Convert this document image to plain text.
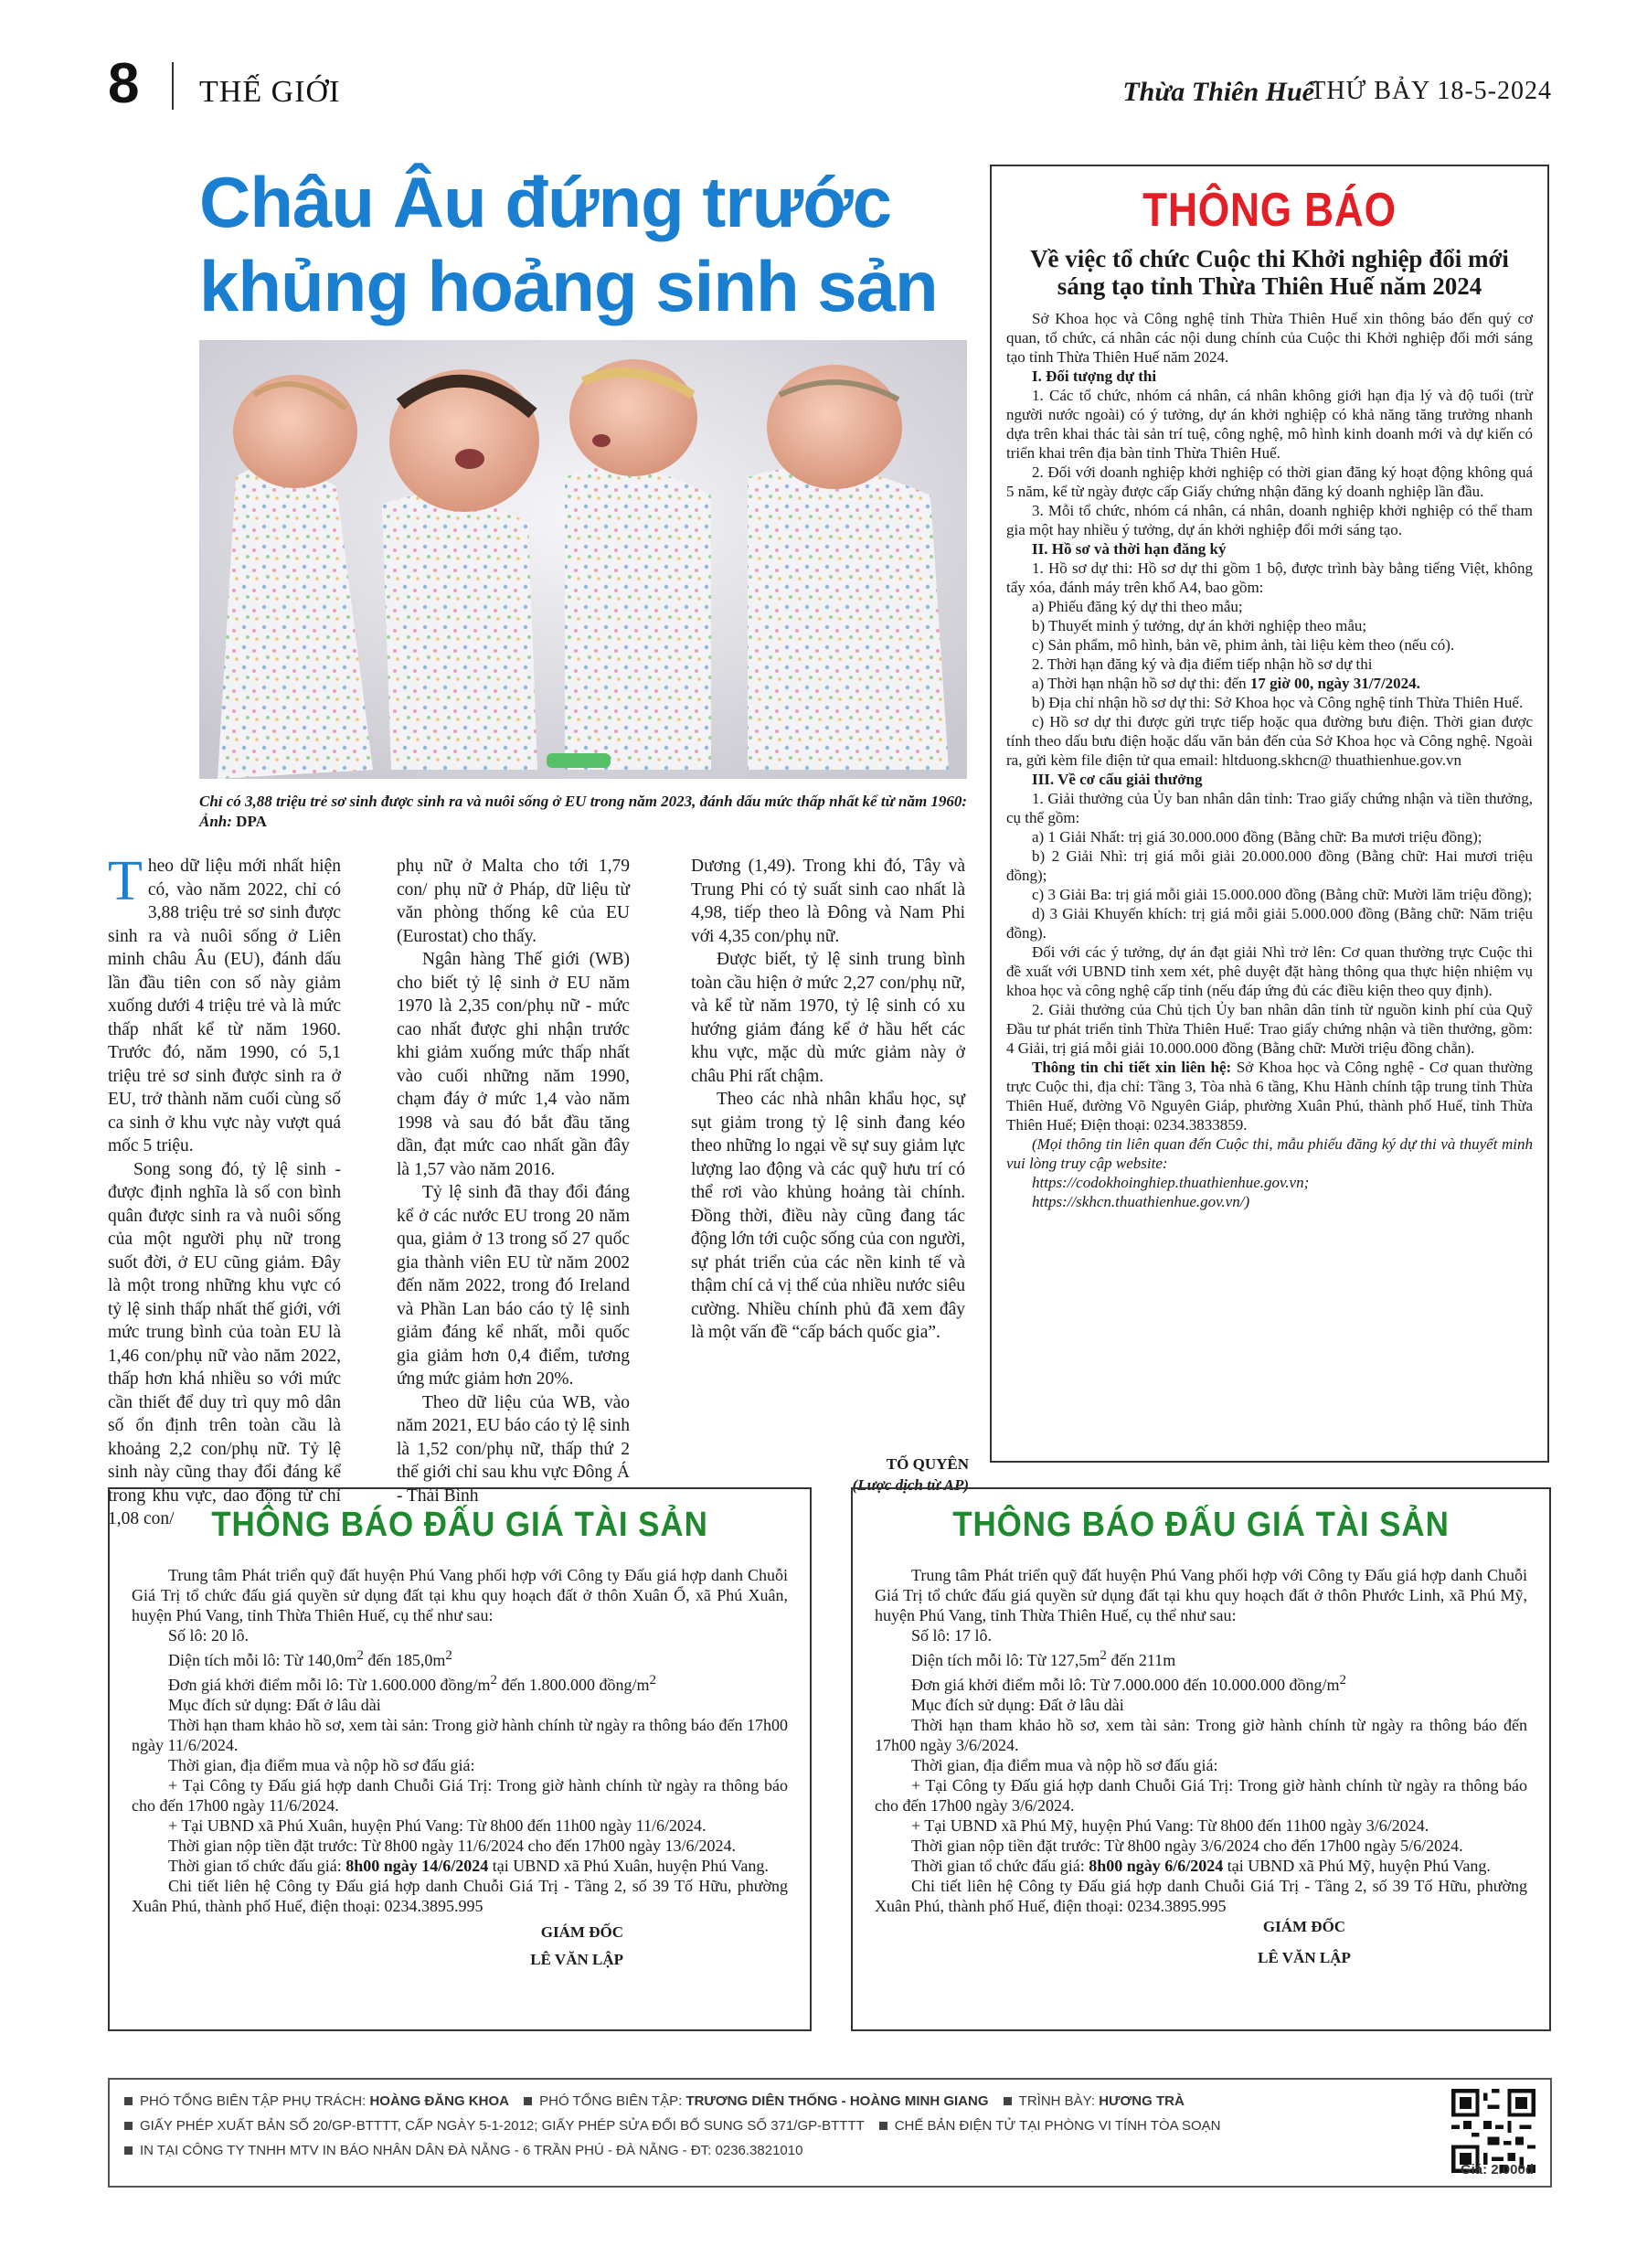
8 THẾ GIỚI	Thừa Thiên Huế
THỨ BẢY 18-5-2024
Châu Âu đứng trước
khủng hoảng sinh sản
Chỉ có 3,88 triệu trẻ sơ sinh được sinh ra và nuôi sống ở EU trong năm 2023, đánh dấu mức thấp nhất kể từ năm 1960: Ảnh: DPA

Theo dữ liệu mới nhất hiện có, vào năm 2022, chỉ có 3,88 triệu trẻ sơ sinh được sinh ra và nuôi sống ở Liên minh châu Âu (EU), đánh dấu lần đầu tiên con số này giảm xuống dưới 4 triệu trẻ và là mức thấp nhất kể từ năm 1960. Trước đó, năm 1990, có 5,1 triệu trẻ sơ sinh được sinh ra ở EU, trở thành năm cuối cùng số ca sinh ở khu vực này vượt quá mốc 5 triệu.

Song song đó, tỷ lệ sinh - được định nghĩa là số con bình quân được sinh ra và nuôi sống của một người phụ nữ trong suốt đời, ở EU cũng giảm. Đây là một trong những khu vực có tỷ lệ sinh thấp nhất thế giới, với mức trung bình của toàn EU là 1,46 con/phụ nữ vào năm 2022, thấp hơn khá nhiều so với mức cần thiết để duy trì quy mô dân số ổn định trên toàn cầu là khoảng 2,2 con/phụ nữ. Tỷ lệ sinh này cũng thay đổi đáng kể trong khu vực, dao động từ chỉ 1,08 con/

phụ nữ ở Malta cho tới 1,79 con/ phụ nữ ở Pháp, dữ liệu từ văn phòng thống kê của EU (Eurostat) cho thấy.

Ngân hàng Thế giới (WB) cho biết tỷ lệ sinh ở EU năm 1970 là 2,35 con/phụ nữ - mức cao nhất được ghi nhận trước khi giảm xuống mức thấp nhất vào cuối những năm 1990, chạm đáy ở mức 1,4 vào năm 1998 và sau đó bắt đầu tăng dần, đạt mức cao nhất gần đây là 1,57 vào năm 2016.

Tỷ lệ sinh đã thay đổi đáng kể ở các nước EU trong 20 năm qua, giảm ở 13 trong số 27 quốc gia thành viên EU từ năm 2002 đến năm 2022, trong đó Ireland và Phần Lan báo cáo tỷ lệ sinh giảm đáng kể nhất, mỗi quốc gia giảm hơn 0,4 điểm, tương ứng mức giảm hơn 20%.

Theo dữ liệu của WB, vào năm 2021, EU báo cáo tỷ lệ sinh là 1,52 con/phụ nữ, thấp thứ 2 thế giới chỉ sau khu vực Đông Á - Thái Bình

Dương (1,49). Trong khi đó, Tây và Trung Phi có tỷ suất sinh cao nhất là 4,98, tiếp theo là Đông và Nam Phi với 4,35 con/phụ nữ.

Được biết, tỷ lệ sinh trung bình toàn cầu hiện ở mức 2,27 con/phụ nữ, và kể từ năm 1970, tỷ lệ sinh có xu hướng giảm đáng kể ở hầu hết các khu vực, mặc dù mức giảm này ở châu Phi rất chậm.

Theo các nhà nhân khẩu học, sự sụt giảm trong tỷ lệ sinh đang kéo theo những lo ngại về sự suy giảm lực lượng lao động và các quỹ hưu trí có thể rơi vào khủng hoảng tài chính. Đồng thời, điều này cũng đang tác động lớn tới cuộc sống của con người, sự phát triển của các nền kinh tế và thậm chí cả vị thế của nhiều nước siêu cường. Nhiều chính phủ đã xem đây là một vấn đề “cấp bách quốc gia”.

TỐ QUYÊN
(Lược dịch từ AP)
THÔNG BÁO
Về việc tổ chức Cuộc thi Khởi nghiệp đổi mới sáng tạo tỉnh Thừa Thiên Huế năm 2024

Sở Khoa học và Công nghệ tỉnh Thừa Thiên Huế xin thông báo đến quý cơ quan, tổ chức, cá nhân các nội dung chính của Cuộc thi Khởi nghiệp đổi mới sáng tạo tỉnh Thừa Thiên Huế năm 2024.

I. Đối tượng dự thi

1. Các tổ chức, nhóm cá nhân, cá nhân không giới hạn địa lý và độ tuổi (trừ người nước ngoài) có ý tưởng, dự án khởi nghiệp có khả năng tăng trưởng nhanh dựa trên khai thác tài sản trí tuệ, công nghệ, mô hình kinh doanh mới và dự kiến có triển khai trên địa bàn tỉnh Thừa Thiên Huế.

2. Đối với doanh nghiệp khởi nghiệp có thời gian đăng ký hoạt động không quá 5 năm, kể từ ngày được cấp Giấy chứng nhận đăng ký doanh nghiệp lần đầu.

3. Mỗi tổ chức, nhóm cá nhân, cá nhân, doanh nghiệp khởi nghiệp có thể tham gia một hay nhiều ý tưởng, dự án khởi nghiệp đổi mới sáng tạo.

II. Hồ sơ và thời hạn đăng ký

1. Hồ sơ dự thi: Hồ sơ dự thi gồm 1 bộ, được trình bày bằng tiếng Việt, không tẩy xóa, đánh máy trên khổ A4, bao gồm:

a) Phiếu đăng ký dự thi theo mẫu;

b) Thuyết minh ý tưởng, dự án khởi nghiệp theo mẫu;

c) Sản phẩm, mô hình, bản vẽ, phim ảnh, tài liệu kèm theo (nếu có).

2. Thời hạn đăng ký và địa điểm tiếp nhận hồ sơ dự thi

a) Thời hạn nhận hồ sơ dự thi: đến 17 giờ 00, ngày 31/7/2024.

b) Địa chỉ nhận hồ sơ dự thi: Sở Khoa học và Công nghệ tỉnh Thừa Thiên Huế.

c) Hồ sơ dự thi được gửi trực tiếp hoặc qua đường bưu điện. Thời gian được tính theo dấu bưu điện hoặc dấu văn bản đến của Sở Khoa học và Công nghệ. Ngoài ra, gửi kèm file điện tử qua email: hltduong.skhcn@ thuathienhue.gov.vn

III. Về cơ cấu giải thưởng

1. Giải thưởng của Ủy ban nhân dân tỉnh: Trao giấy chứng nhận và tiền thưởng, cụ thể gồm:

a) 1 Giải Nhất: trị giá 30.000.000 đồng (Bằng chữ: Ba mươi triệu đồng);

b) 2 Giải Nhì: trị giá mỗi giải 20.000.000 đồng (Bằng chữ: Hai mươi triệu đồng);

c) 3 Giải Ba: trị giá mỗi giải 15.000.000 đồng (Bằng chữ: Mười lăm triệu đồng);

d) 3 Giải Khuyến khích: trị giá mỗi giải 5.000.000 đồng (Bằng chữ: Năm triệu đồng).

Đối với các ý tưởng, dự án đạt giải Nhì trở lên: Cơ quan thường trực Cuộc thi đề xuất với UBND tỉnh xem xét, phê duyệt đặt hàng thông qua thực hiện nhiệm vụ khoa học và công nghệ cấp tỉnh (nếu đáp ứng đủ các điều kiện theo quy định).

2. Giải thưởng của Chủ tịch Ủy ban nhân dân tỉnh từ nguồn kinh phí của Quỹ Đầu tư phát triển tỉnh Thừa Thiên Huế: Trao giấy chứng nhận và tiền thưởng, gồm: 4 Giải, trị giá mỗi giải 10.000.000 đồng (Bằng chữ: Mười triệu đồng chẵn).

Thông tin chi tiết xin liên hệ: Sở Khoa học và Công nghệ - Cơ quan thường trực Cuộc thi, địa chỉ: Tầng 3, Tòa nhà 6 tầng, Khu Hành chính tập trung tỉnh Thừa Thiên Huế, đường Võ Nguyên Giáp, phường Xuân Phú, thành phố Huế, tỉnh Thừa Thiên Huế; Điện thoại: 0234.3833859.

(Mọi thông tin liên quan đến Cuộc thi, mẫu phiếu đăng ký dự thi và thuyết minh vui lòng truy cập website:

https://codokhoinghiep.thuathienhue.gov.vn;

https://skhcn.thuathienhue.gov.vn/)

THÔNG BÁO ĐẤU GIÁ TÀI SẢN

Trung tâm Phát triển quỹ đất huyện Phú Vang phối hợp với Công ty Đấu giá hợp danh Chuỗi Giá Trị tổ chức đấu giá quyền sử dụng đất tại khu quy hoạch đất ở thôn Xuân Ổ, xã Phú Xuân, huyện Phú Vang, tỉnh Thừa Thiên Huế, cụ thể như sau:

Số lô: 20 lô.

Diện tích mỗi lô: Từ $140,0m^2$ đến $185,0m^2$

Đơn giá khởi điểm mỗi lô: Từ 1.600.000 đồng/$m^2$ đến 1.800.000 đồng/$m^2$

Mục đích sử dụng: Đất ở lâu dài

Thời hạn tham khảo hồ sơ, xem tài sản: Trong giờ hành chính từ ngày ra thông báo đến 17h00 ngày 11/6/2024.

Thời gian, địa điểm mua và nộp hồ sơ đấu giá:

+ Tại Công ty Đấu giá hợp danh Chuỗi Giá Trị: Trong giờ hành chính từ ngày ra thông báo cho đến 17h00 ngày 11/6/2024.

+ Tại UBND xã Phú Xuân, huyện Phú Vang: Từ 8h00 đến 11h00 ngày 11/6/2024.

Thời gian nộp tiền đặt trước: Từ 8h00 ngày 11/6/2024 cho đến 17h00 ngày 13/6/2024.

Thời gian tổ chức đấu giá: 8h00 ngày 14/6/2024 tại UBND xã Phú Xuân, huyện Phú Vang.

Chi tiết liên hệ Công ty Đấu giá hợp danh Chuỗi Giá Trị - Tầng 2, số 39 Tố Hữu, phường Xuân Phú, thành phố Huế, điện thoại: 0234.3895.995

GIÁM ĐỐC
LÊ VĂN LẬP
THÔNG BÁO ĐẤU GIÁ TÀI SẢN

Trung tâm Phát triển quỹ đất huyện Phú Vang phối hợp với Công ty Đấu giá hợp danh Chuỗi Giá Trị tổ chức đấu giá quyền sử dụng đất tại khu quy hoạch đất ở thôn Phước Linh, xã Phú Mỹ, huyện Phú Vang, tỉnh Thừa Thiên Huế, cụ thể như sau:

Số lô: 17 lô.

Diện tích mỗi lô: Từ $127,5m^2$ đến 211m

Đơn giá khởi điểm mỗi lô: Từ 7.000.000 đến 10.000.000 đồng/$m^2$

Mục đích sử dụng: Đất ở lâu dài

Thời hạn tham khảo hồ sơ, xem tài sản: Trong giờ hành chính từ ngày ra thông báo đến 17h00 ngày 3/6/2024.

Thời gian, địa điểm mua và nộp hồ sơ đấu giá:

+ Tại Công ty Đấu giá hợp danh Chuỗi Giá Trị: Trong giờ hành chính từ ngày ra thông báo cho đến 17h00 ngày 3/6/2024.

+ Tại UBND xã Phú Mỹ, huyện Phú Vang: Từ 8h00 đến 11h00 ngày 3/6/2024.

Thời gian nộp tiền đặt trước: Từ 8h00 ngày 3/6/2024 cho đến 17h00 ngày 5/6/2024.

Thời gian tổ chức đấu giá: 8h00 ngày 6/6/2024 tại UBND xã Phú Mỹ, huyện Phú Vang.

Chi tiết liên hệ Công ty Đấu giá hợp danh Chuỗi Giá Trị - Tầng 2, số 39 Tố Hữu, phường Xuân Phú, thành phố Huế, điện thoại: 0234.3895.995

GIÁM ĐỐC
LÊ VĂN LẬP
PHÓ TỔNG BIÊN TẬP PHỤ TRÁCH: HOÀNG ĐĂNG KHOA PHÓ TỔNG BIÊN TẬP: TRƯƠNG DIÊN THỐNG - HOÀNG MINH GIANG TRÌNH BÀY: HƯƠNG TRÀ
GIẤY PHÉP XUẤT BẢN SỐ 20/GP-BTTTT, CẤP NGÀY 5-1-2012; GIẤY PHÉP SỬA ĐỔI BỔ SUNG SỐ 371/GP-BTTTT CHẾ BẢN ĐIỆN TỬ TẠI PHÒNG VI TÍNH TÒA SOẠN
IN TẠI CÔNG TY TNHH MTV IN BÁO NHÂN DÂN ĐÀ NẴNG - 6 TRẦN PHÚ - ĐÀ NẴNG - ĐT: 0236.3821010
Giá: 2.000đ
